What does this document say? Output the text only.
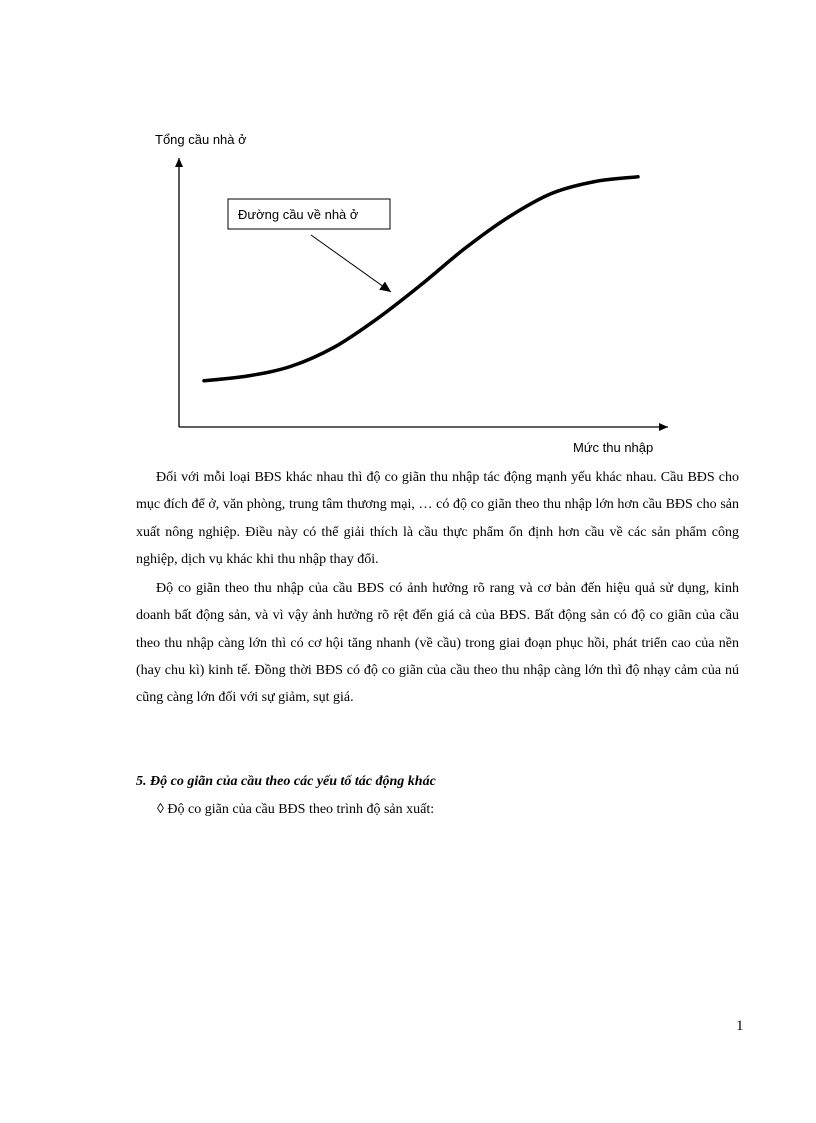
Tổng cầu nhà ở
Mức thu nhập
Đường cầu về nhà ở

Đối với mỗi loại BĐS khác nhau thì độ co giãn thu nhập tác động mạnh yếu khác nhau. Cầu BĐS cho mục đích để ở, văn phòng, trung tâm thương mại, … có độ co giãn theo thu nhập lớn hơn cầu BĐS cho sản xuất nông nghiệp. Điều này có thể giải thích là cầu thực phẩm ổn định hơn cầu về các sản phẩm công nghiệp, dịch vụ khác khi thu nhập thay đổi.

Độ co giãn theo thu nhập của cầu BĐS có ảnh hưởng rõ rang và cơ bản đến hiệu quả sử dụng, kinh doanh bất động sản, và vì vậy ảnh hưởng rõ rệt đến giá cả của BĐS. Bất động sản có độ co giãn của cầu theo thu nhập càng lớn thì có cơ hội tăng nhanh (về cầu) trong giai đoạn phục hồi, phát triển cao của nền (hay chu kì) kinh tế. Đồng thời BĐS có độ co giãn của cầu theo thu nhập càng lớn thì độ nhạy cảm của nú cũng càng lớn đối với sự giảm, sụt giá.

5. Độ co giãn của cầu theo các yếu tố tác động khác

◊ Độ co giãn của cầu BĐS theo trình độ sản xuất:

1
